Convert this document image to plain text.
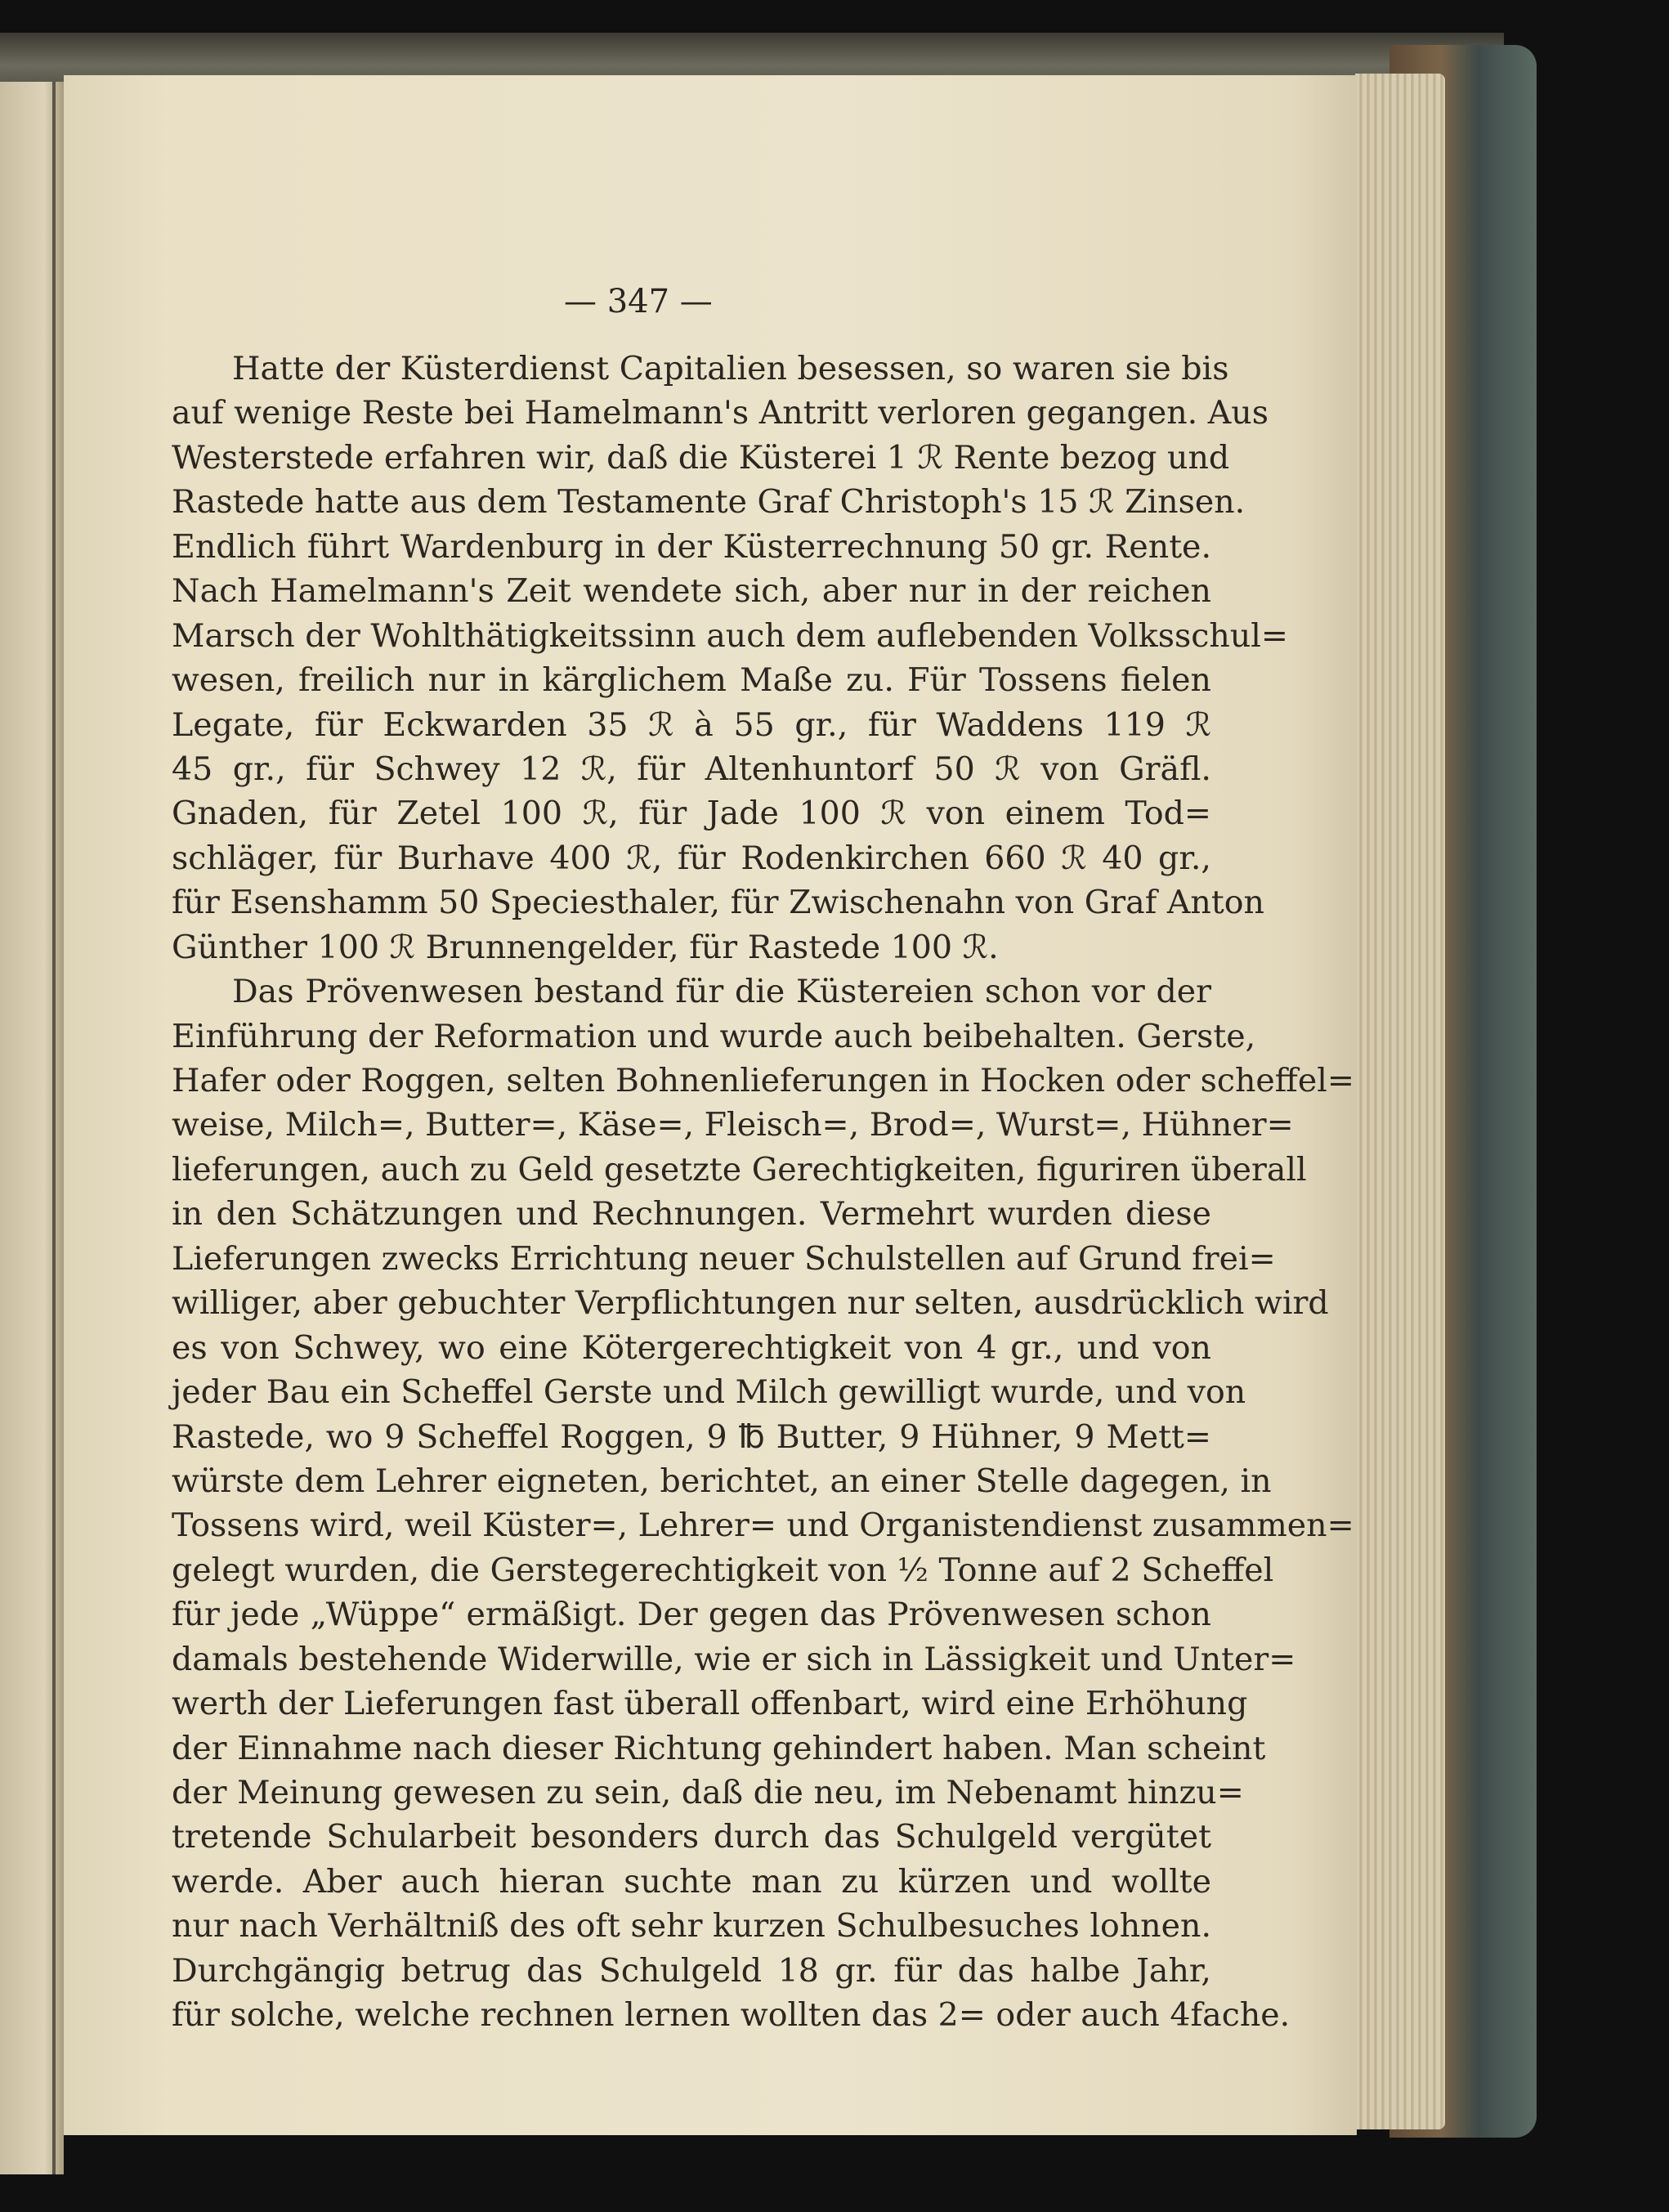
— 347 —
Hatte der Küsterdienst Capitalien besessen, so waren sie bis
auf wenige Reste bei Hamelmann's Antritt verloren gegangen. Aus
Westerstede erfahren wir, daß die Küsterei 1 ℛ Rente bezog und
Rastede hatte aus dem Testamente Graf Christoph's 15 ℛ Zinsen.
Endlich führt Wardenburg in der Küsterrechnung 50 gr. Rente.
Nach Hamelmann's Zeit wendete sich, aber nur in der reichen
Marsch der Wohlthätigkeitssinn auch dem auflebenden Volksschul=
wesen, freilich nur in kärglichem Maße zu. Für Tossens fielen
Legate, für Eckwarden 35 ℛ à 55 gr., für Waddens 119 ℛ
45 gr., für Schwey 12 ℛ, für Altenhuntorf 50 ℛ von Gräfl.
Gnaden, für Zetel 100 ℛ, für Jade 100 ℛ von einem Tod=
schläger, für Burhave 400 ℛ, für Rodenkirchen 660 ℛ 40 gr.,
für Esenshamm 50 Speciesthaler, für Zwischenahn von Graf Anton
Günther 100 ℛ Brunnengelder, für Rastede 100 ℛ.
Das Prövenwesen bestand für die Küstereien schon vor der
Einführung der Reformation und wurde auch beibehalten. Gerste,
Hafer oder Roggen, selten Bohnenlieferungen in Hocken oder scheffel=
weise, Milch=, Butter=, Käse=, Fleisch=, Brod=, Wurst=, Hühner=
lieferungen, auch zu Geld gesetzte Gerechtigkeiten, figuriren überall
in den Schätzungen und Rechnungen. Vermehrt wurden diese
Lieferungen zwecks Errichtung neuer Schulstellen auf Grund frei=
williger, aber gebuchter Verpflichtungen nur selten, ausdrücklich wird
es von Schwey, wo eine Kötergerechtigkeit von 4 gr., und von
jeder Bau ein Scheffel Gerste und Milch gewilligt wurde, und von
Rastede, wo 9 Scheffel Roggen, 9 ℔ Butter, 9 Hühner, 9 Mett=
würste dem Lehrer eigneten, berichtet, an einer Stelle dagegen, in
Tossens wird, weil Küster=, Lehrer= und Organistendienst zusammen=
gelegt wurden, die Gerstegerechtigkeit von ½ Tonne auf 2 Scheffel
für jede „Wüppe“ ermäßigt. Der gegen das Prövenwesen schon
damals bestehende Widerwille, wie er sich in Lässigkeit und Unter=
werth der Lieferungen fast überall offenbart, wird eine Erhöhung
der Einnahme nach dieser Richtung gehindert haben. Man scheint
der Meinung gewesen zu sein, daß die neu, im Nebenamt hinzu=
tretende Schularbeit besonders durch das Schulgeld vergütet
werde. Aber auch hieran suchte man zu kürzen und wollte
nur nach Verhältniß des oft sehr kurzen Schulbesuches lohnen.
Durchgängig betrug das Schulgeld 18 gr. für das halbe Jahr,
für solche, welche rechnen lernen wollten das 2= oder auch 4fache.
